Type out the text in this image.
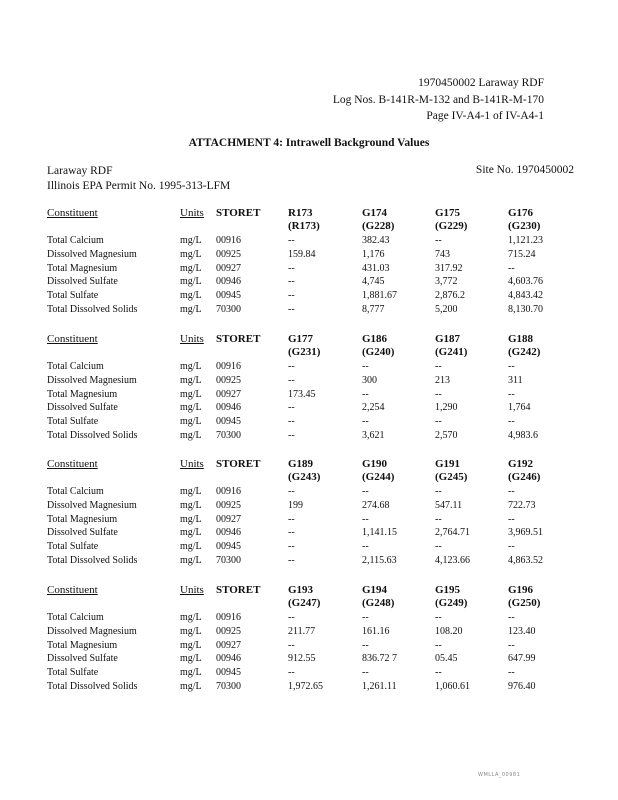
1970450002 Laraway RDF
Log Nos. B-141R-M-132 and B-141R-M-170
Page IV-A4-1 of IV-A4-1
ATTACHMENT 4: Intrawell Background Values
Laraway RDF
Illinois EPA Permit No. 1995-313-LFM
Site No. 1970450002
Constituent	Units STORET	R173	G174	G175	G176
(R173)	(G228)	(G229)	(G230)
Total Calcium	mg/L 00916	--	382.43	--	1,121.23
Dissolved Magnesium	mg/L 00925	159.84	1,176	743	715.24
Total Magnesium	mg/L 00927	--	431.03	317.92	--
Dissolved Sulfate	mg/L 00946	--	4,745	3,772	4,603.76
Total Sulfate	mg/L 00945	--	1,881.67	2,876.2	4,843.42
Total Dissolved Solids	mg/L 70300	--	8,777	5,200	8,130.70
Constituent	Units STORET	G177	G186	G187	G188
(G231)	(G240)	(G241)	(G242)
Total Calcium	mg/L 00916	--	--	--	--
Dissolved Magnesium	mg/L 00925	--	300	213	311
Total Magnesium	mg/L 00927	173.45	--	--	--
Dissolved Sulfate	mg/L 00946	--	2,254	1,290	1,764
Total Sulfate	mg/L 00945	--	--	--	--
Total Dissolved Solids	mg/L 70300	--	3,621	2,570	4,983.6
Constituent	Units STORET	G189	G190	G191	G192
(G243)	(G244)	(G245)	(G246)
Total Calcium	mg/L 00916	--	--	--	--
Dissolved Magnesium	mg/L 00925	199	274.68	547.11	722.73
Total Magnesium	mg/L 00927	--	--	--	--
Dissolved Sulfate	mg/L 00946	--	1,141.15	2,764.71	3,969.51
Total Sulfate	mg/L 00945	--	--	--	--
Total Dissolved Solids	mg/L 70300	--	2,115.63	4,123.66	4,863.52
Constituent	Units STORET	G193	G194	G195	G196
(G247)	(G248)	(G249)	(G250)
Total Calcium	mg/L 00916	--	--	--	--
Dissolved Magnesium	mg/L 00925	211.77	161.16	108.20	123.40
Total Magnesium	mg/L 00927	--	--	--	--
Dissolved Sulfate	mg/L 00946	912.55	836.72 7	05.45	647.99
Total Sulfate	mg/L 00945	--	--	--	--
Total Dissolved Solids	mg/L 70300	1,972.65	1,261.11	1,060.61	976.40
WMLLA_00981
